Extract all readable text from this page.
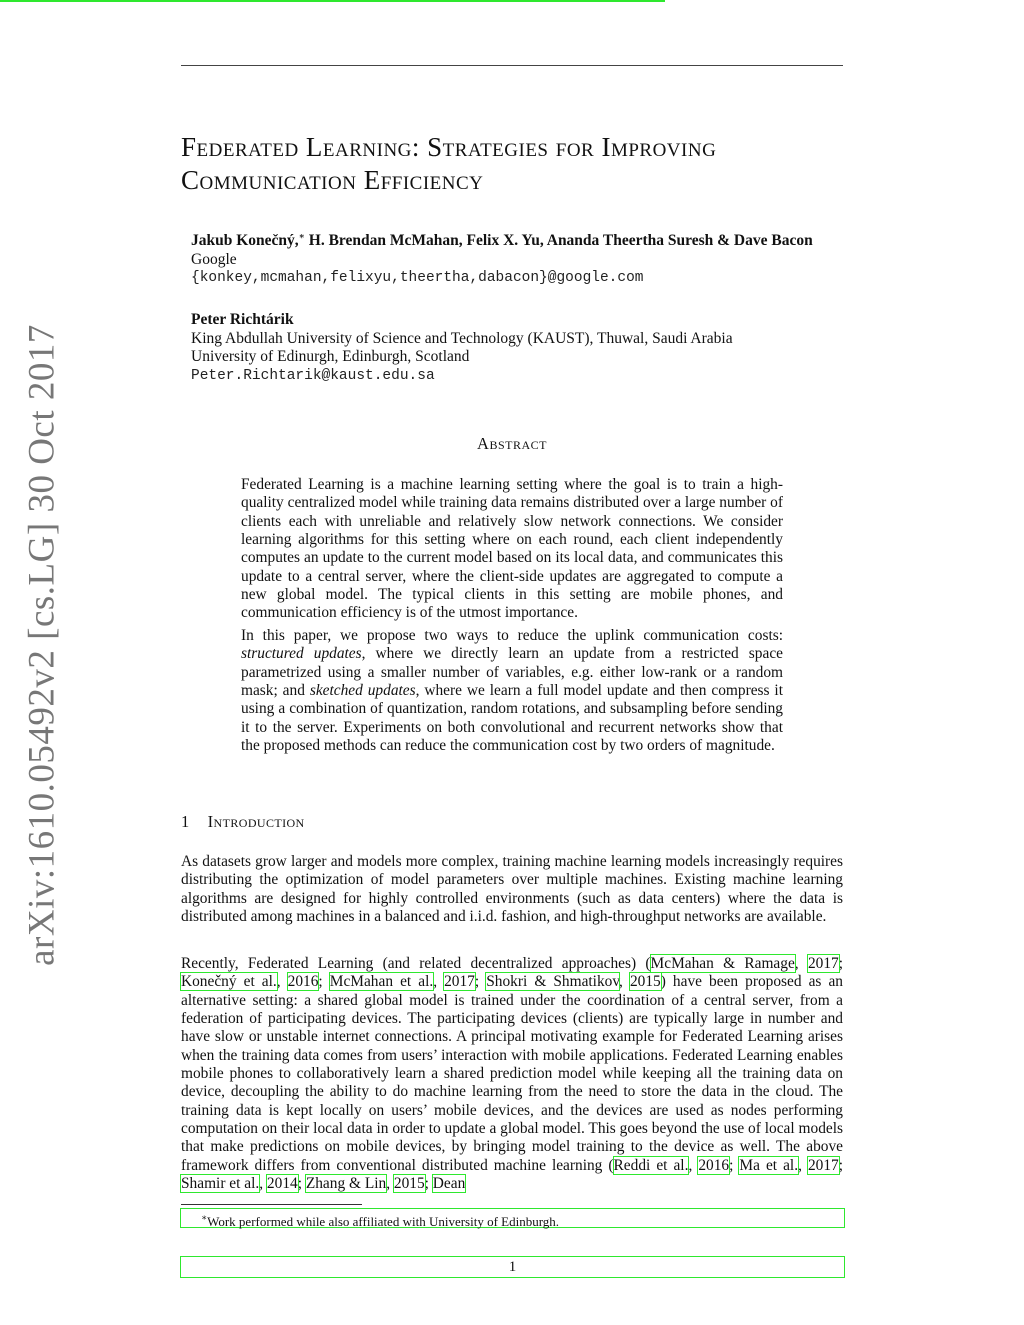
arXiv:1610.05492v2 [cs.LG] 30 Oct 2017
Federated Learning: Strategies for Improving
Communication Efficiency
Jakub Konečný,∗ H. Brendan McMahan, Felix X. Yu, Ananda Theertha Suresh & Dave Bacon
Google
{konkey,mcmahan,felixyu,theertha,dabacon}@google.com
Peter Richtárik
King Abdullah University of Science and Technology (KAUST), Thuwal, Saudi Arabia
University of Edinurgh, Edinburgh, Scotland
Peter.Richtarik@kaust.edu.sa
Abstract
Federated Learning is a machine learning setting where the goal is to train a high-quality centralized model while training data remains distributed over a large number of clients each with unreliable and relatively slow network connections. We consider learning algorithms for this setting where on each round, each client independently computes an update to the current model based on its local data, and communicates this update to a central server, where the client-side updates are aggregated to compute a new global model. The typical clients in this setting are mobile phones, and communication efficiency is of the utmost importance.
In this paper, we propose two ways to reduce the uplink communication costs: structured updates, where we directly learn an update from a restricted space parametrized using a smaller number of variables, e.g. either low-rank or a random mask; and sketched updates, where we learn a full model update and then compress it using a combination of quantization, random rotations, and subsampling before sending it to the server. Experiments on both convolutional and recurrent networks show that the proposed methods can reduce the communication cost by two orders of magnitude.
1 Introduction
As datasets grow larger and models more complex, training machine learning models increasingly requires distributing the optimization of model parameters over multiple machines. Existing machine learning algorithms are designed for highly controlled environments (such as data centers) where the data is distributed among machines in a balanced and i.i.d. fashion, and high-throughput networks are available.
Recently, Federated Learning (and related decentralized approaches) (McMahan & Ramage, 2017; Konečný et al., 2016; McMahan et al., 2017; Shokri & Shmatikov, 2015) have been proposed as an alternative setting: a shared global model is trained under the coordination of a central server, from a federation of participating devices. The participating devices (clients) are typically large in number and have slow or unstable internet connections. A principal motivating example for Federated Learning arises when the training data comes from users’ interaction with mobile applications. Federated Learning enables mobile phones to collaboratively learn a shared prediction model while keeping all the training data on device, decoupling the ability to do machine learning from the need to store the data in the cloud. The training data is kept locally on users’ mobile devices, and the devices are used as nodes performing computation on their local data in order to update a global model. This goes beyond the use of local models that make predictions on mobile devices, by bringing model training to the device as well. The above framework differs from conventional distributed machine learning (Reddi et al., 2016; Ma et al., 2017; Shamir et al., 2014; Zhang & Lin, 2015; Dean
∗Work performed while also affiliated with University of Edinburgh.
1
